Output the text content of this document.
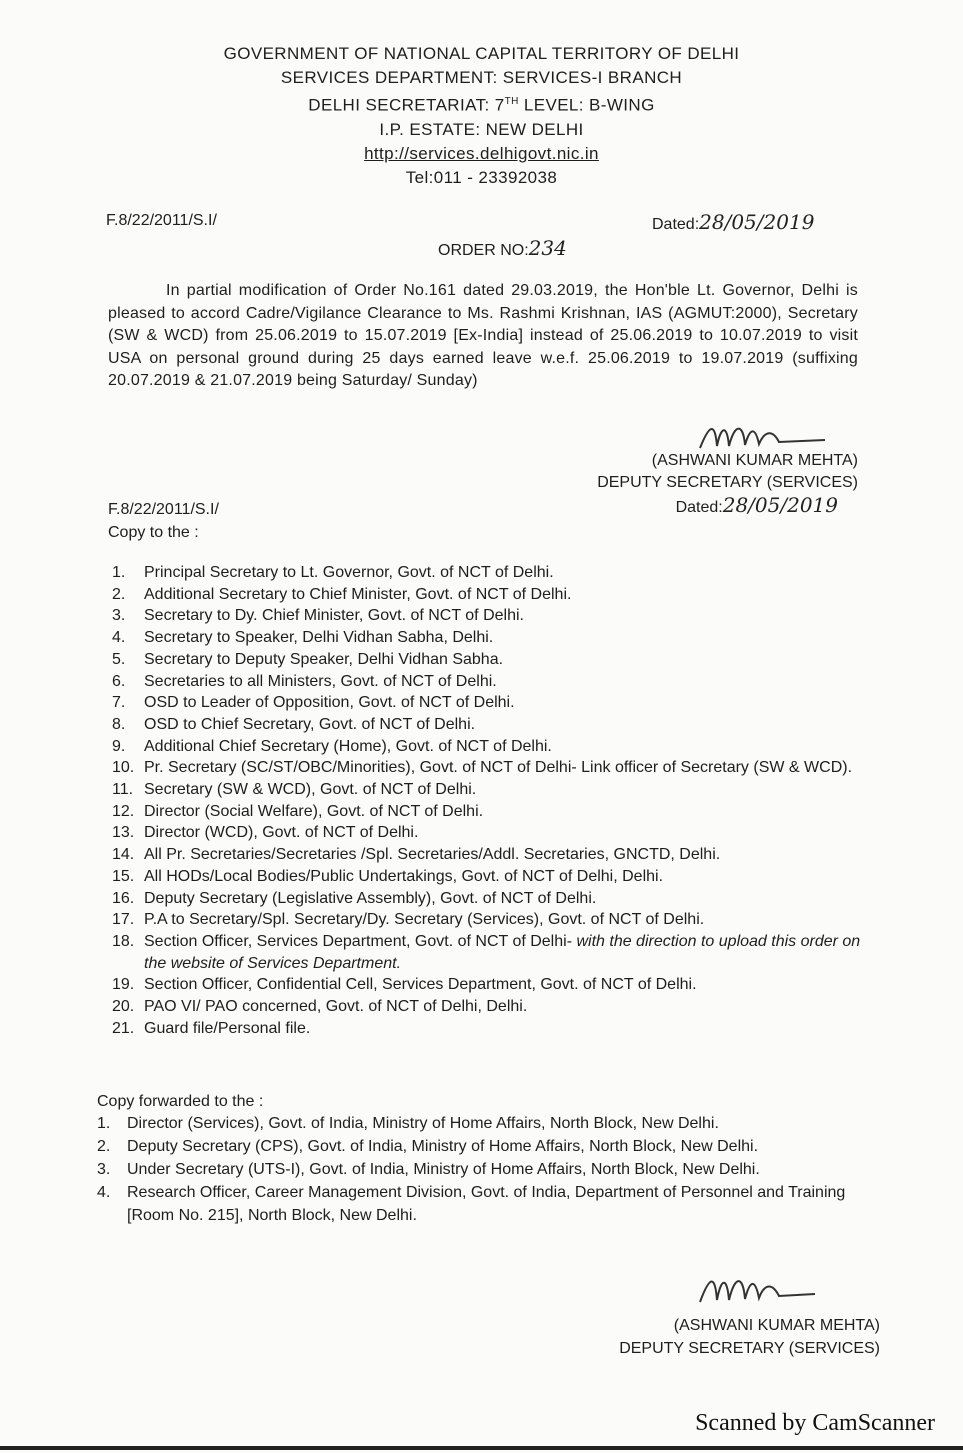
GOVERNMENT OF NATIONAL CAPITAL TERRITORY OF DELHI
SERVICES DEPARTMENT: SERVICES-I BRANCH
DELHI SECRETARIAT: 7TH LEVEL: B-WING
I.P. ESTATE: NEW DELHI
http://services.delhigovt.nic.in
Tel:011 - 23392038
F.8/22/2011/S.I/	Dated:28/05/2019
ORDER NO:234

In partial modification of Order No.161 dated 29.03.2019, the Hon'ble Lt. Governor, Delhi is pleased to accord Cadre/Vigilance Clearance to Ms. Rashmi Krishnan, IAS (AGMUT:2000), Secretary (SW & WCD) from 25.06.2019 to 15.07.2019 [Ex-India] instead of 25.06.2019 to 10.07.2019 to visit USA on personal ground during 25 days earned leave w.e.f. 25.06.2019 to 19.07.2019 (suffixing 20.07.2019 & 21.07.2019 being Saturday/ Sunday)

(ASHWANI KUMAR MEHTA)
DEPUTY SECRETARY (SERVICES)
Dated:28/05/2019
F.8/22/2011/S.I/
Copy to the :
1.	Principal Secretary to Lt. Governor, Govt. of NCT of Delhi.
2.	Additional Secretary to Chief Minister, Govt. of NCT of Delhi.
3.	Secretary to Dy. Chief Minister, Govt. of NCT of Delhi.
4.	Secretary to Speaker, Delhi Vidhan Sabha, Delhi.
5.	Secretary to Deputy Speaker, Delhi Vidhan Sabha.
6.	Secretaries to all Ministers, Govt. of NCT of Delhi.
7.	OSD to Leader of Opposition, Govt. of NCT of Delhi.
8.	OSD to Chief Secretary, Govt. of NCT of Delhi.
9.	Additional Chief Secretary (Home), Govt. of NCT of Delhi.
10. Pr. Secretary (SC/ST/OBC/Minorities), Govt. of NCT of Delhi- Link officer of Secretary (SW & WCD).
11. Secretary (SW & WCD), Govt. of NCT of Delhi.
12. Director (Social Welfare), Govt. of NCT of Delhi.
13. Director (WCD), Govt. of NCT of Delhi.
14. All Pr. Secretaries/Secretaries /Spl. Secretaries/Addl. Secretaries, GNCTD, Delhi.
15. All HODs/Local Bodies/Public Undertakings, Govt. of NCT of Delhi, Delhi.
16. Deputy Secretary (Legislative Assembly), Govt. of NCT of Delhi.
17. P.A to Secretary/Spl. Secretary/Dy. Secretary (Services), Govt. of NCT of Delhi.
18. Section Officer, Services Department, Govt. of NCT of Delhi- with the direction to upload this order on the website of Services Department.
19. Section Officer, Confidential Cell, Services Department, Govt. of NCT of Delhi.
20. PAO VI/ PAO concerned, Govt. of NCT of Delhi, Delhi.
21. Guard file/Personal file.
Copy forwarded to the :
1.	Director (Services), Govt. of India, Ministry of Home Affairs, North Block, New Delhi.
2.	Deputy Secretary (CPS), Govt. of India, Ministry of Home Affairs, North Block, New Delhi.
3.	Under Secretary (UTS-I), Govt. of India, Ministry of Home Affairs, North Block, New Delhi.
4.	Research Officer, Career Management Division, Govt. of India, Department of Personnel and Training [Room No. 215], North Block, New Delhi.
(ASHWANI KUMAR MEHTA)
DEPUTY SECRETARY (SERVICES)
Scanned by CamScanner
